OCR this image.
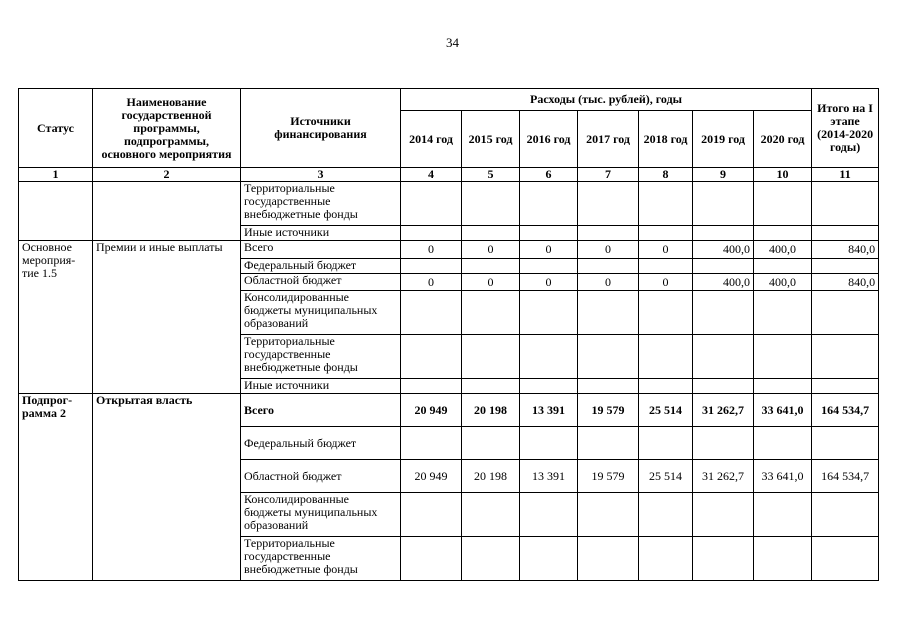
34
Статус	Наименование государственной программы, подпрограммы, основного мероприятия	Источники финансирования	Расходы (тыс. рублей), годы							Итого на I этапе (2014-2020 годы)
			2014 год	2015 год	2016 год	2017 год	2018 год	2019 год	2020 год	
1	2	3	4	5	6	7	8	9	10	11
		Территориальные государственные внебюджетные фонды								
		Иные источники								
Основное мероприя-тие 1.5	Премии и иные выплаты	Всего	0	0	0	0	0	400,0	400,0	840,0
		Федеральный бюджет								
		Областной бюджет	0	0	0	0	0	400,0	400,0	840,0
		Консолидированные бюджеты муниципальных образований								
		Территориальные государственные внебюджетные фонды								
		Иные источники								
Подпрог-рамма 2	Открытая власть	Всего	20 949	20 198	13 391	19 579	25 514	31 262,7	33 641,0	164 534,7
		Федеральный бюджет								
		Областной бюджет	20 949	20 198	13 391	19 579	25 514	31 262,7	33 641,0	164 534,7
		Консолидированные бюджеты муниципальных образований								
		Территориальные государственные внебюджетные фонды								
